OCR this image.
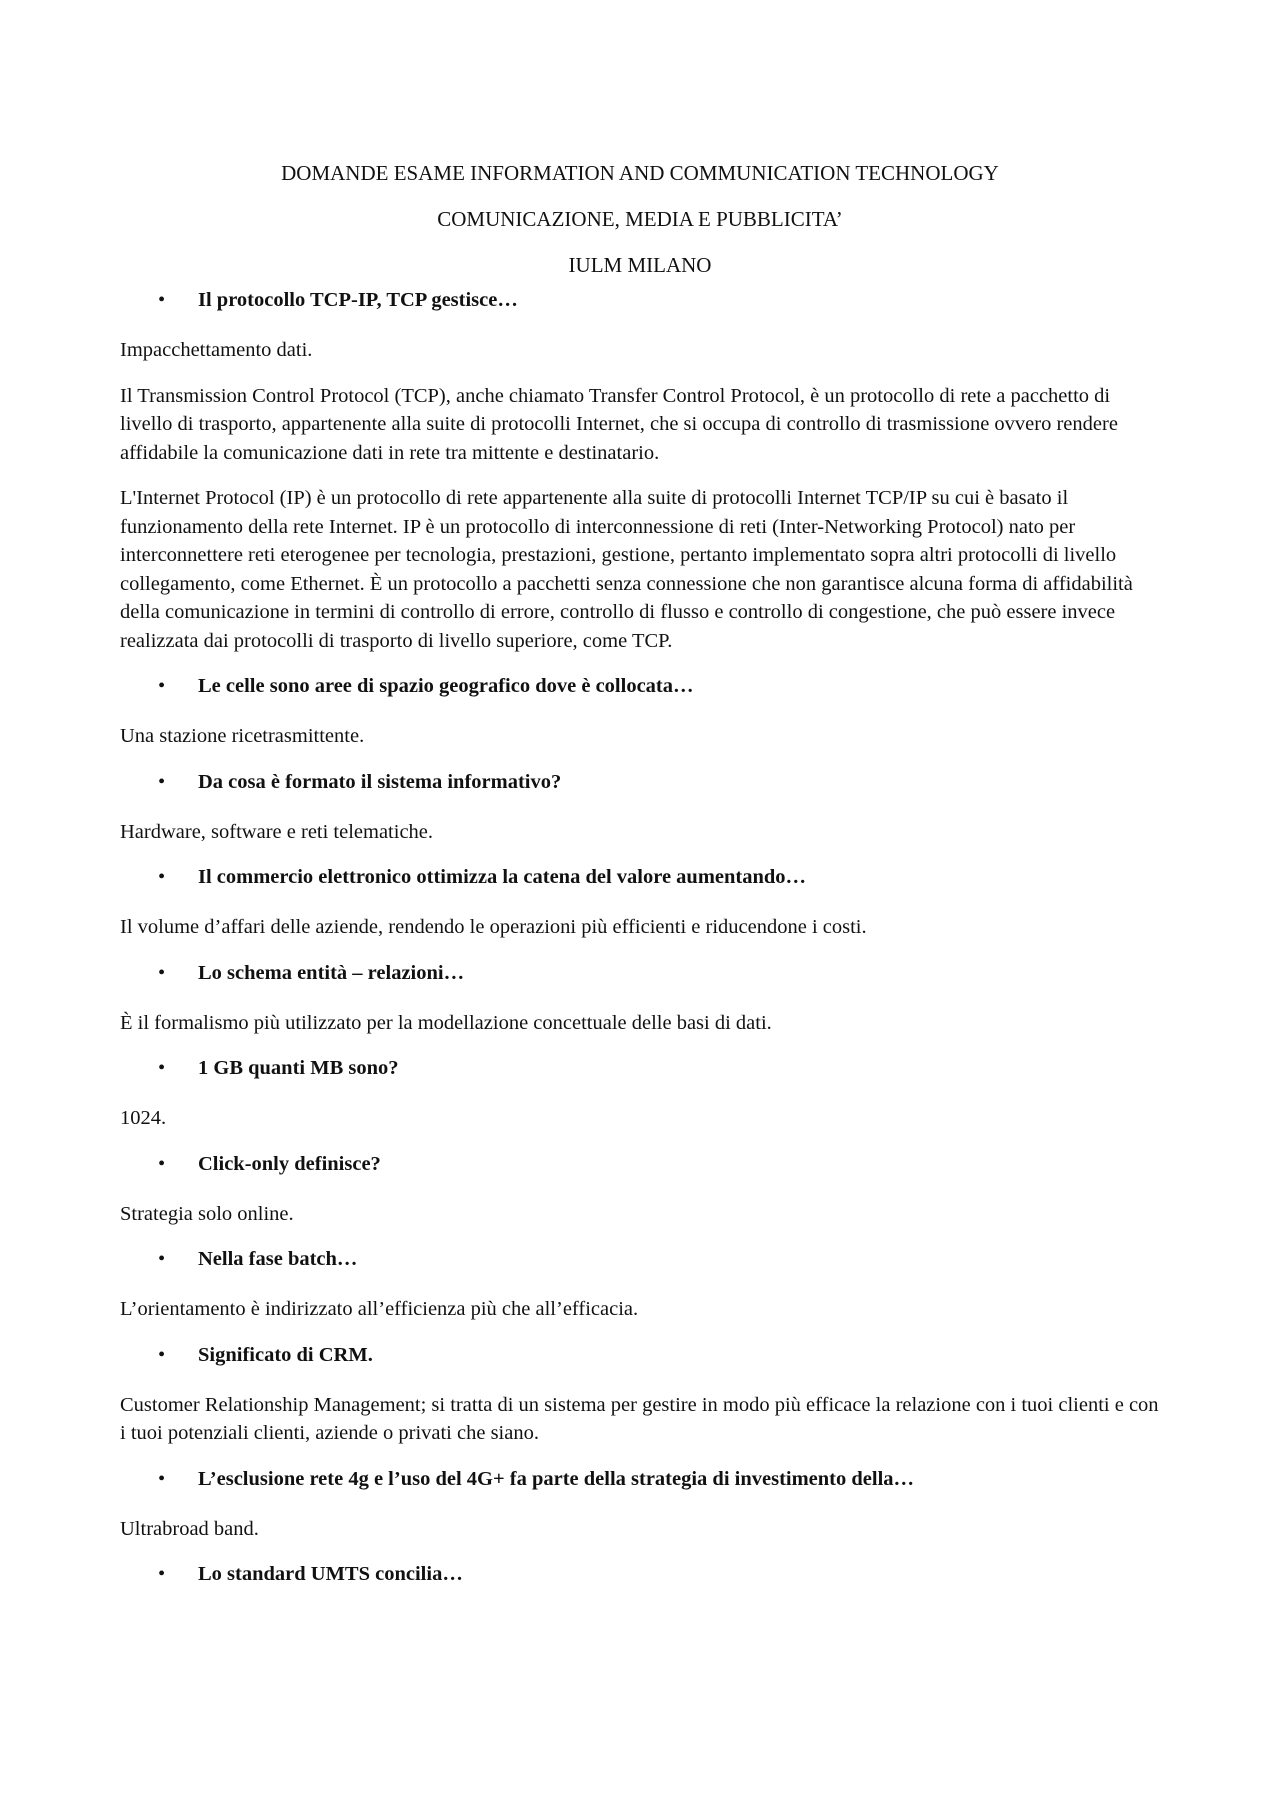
DOMANDE ESAME INFORMATION AND COMMUNICATION TECHNOLOGY
COMUNICAZIONE, MEDIA E PUBBLICITA’
IULM MILANO
• Il protocollo TCP-IP, TCP gestisce…

Impacchettamento dati.

Il Transmission Control Protocol (TCP), anche chiamato Transfer Control Protocol, è un protocollo di rete a pacchetto di livello di trasporto, appartenente alla suite di protocolli Internet, che si occupa di controllo di trasmissione ovvero rendere affidabile la comunicazione dati in rete tra mittente e destinatario.

L'Internet Protocol (IP) è un protocollo di rete appartenente alla suite di protocolli Internet TCP/IP su cui è basato il funzionamento della rete Internet. IP è un protocollo di interconnessione di reti (Inter-Networking Protocol) nato per interconnettere reti eterogenee per tecnologia, prestazioni, gestione, pertanto implementato sopra altri protocolli di livello collegamento, come Ethernet. È un protocollo a pacchetti senza connessione che non garantisce alcuna forma di affidabilità della comunicazione in termini di controllo di errore, controllo di flusso e controllo di congestione, che può essere invece realizzata dai protocolli di trasporto di livello superiore, come TCP.

• Le celle sono aree di spazio geografico dove è collocata…

Una stazione ricetrasmittente.

• Da cosa è formato il sistema informativo?

Hardware, software e reti telematiche.

• Il commercio elettronico ottimizza la catena del valore aumentando…

Il volume d’affari delle aziende, rendendo le operazioni più efficienti e riducendone i costi.

• Lo schema entità – relazioni…

È il formalismo più utilizzato per la modellazione concettuale delle basi di dati.

• 1 GB quanti MB sono?

1024.

• Click-only definisce?

Strategia solo online.

• Nella fase batch…

L’orientamento è indirizzato all’efficienza più che all’efficacia.

• Significato di CRM.

Customer Relationship Management; si tratta di un sistema per gestire in modo più efficace la relazione con i tuoi clienti e con i tuoi potenziali clienti, aziende o privati che siano.

• L’esclusione rete 4g e l’uso del 4G+ fa parte della strategia di investimento della…

Ultrabroad band.

• Lo standard UMTS concilia…
